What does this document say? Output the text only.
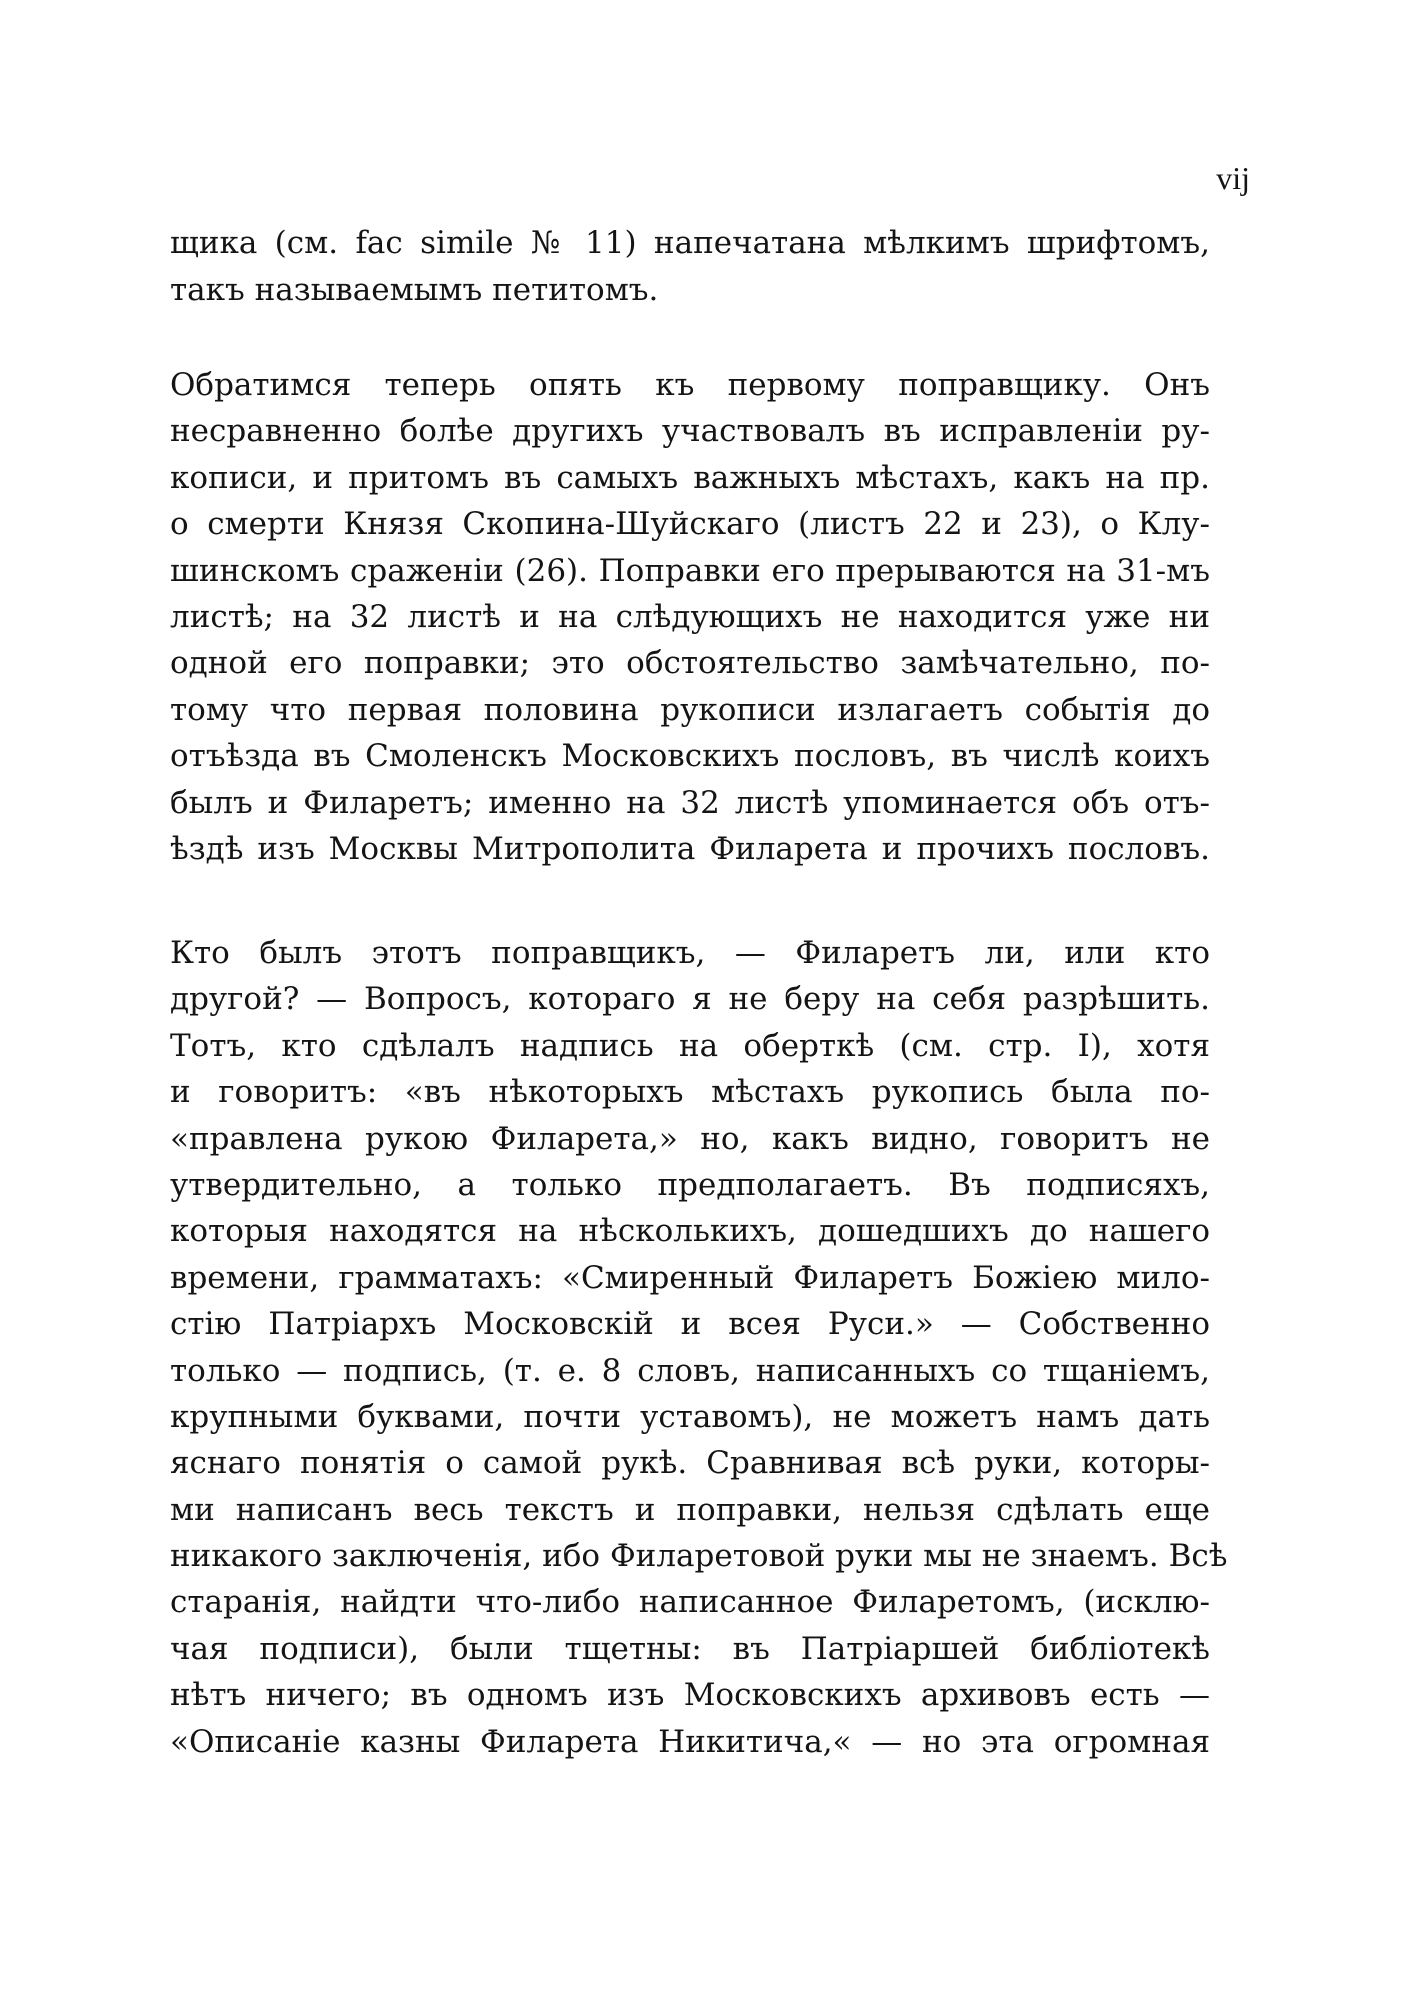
vij
щика (см. fac simile № 11) напечатана мѣлкимъ шрифтомъ,
такъ называемымъ петитомъ.
Обратимся теперь опять къ первому поправщику. Онъ
несравненно болѣе другихъ участвовалъ въ исправленіи ру-
кописи, и притомъ въ самыхъ важныхъ мѣстахъ, какъ на пр.
о смерти Князя Скопина-Шуйскаго (листъ 22 и 23), о Клу-
шинскомъ сраженіи (26). Поправки его прерываются на 31-мъ
листѣ; на 32 листѣ и на слѣдующихъ не находится уже ни
одной его поправки; это обстоятельство замѣчательно, по-
тому что первая половина рукописи излагаетъ событія до
отъѣзда въ Смоленскъ Московскихъ пословъ, въ числѣ коихъ
былъ и Филаретъ; именно на 32 листѣ упоминается объ отъ-
ѣздѣ изъ Москвы Митрополита Филарета и прочихъ пословъ.
Кто былъ этотъ поправщикъ, — Филаретъ ли, или кто
другой? — Вопросъ, котораго я не беру на себя разрѣшить.
Тотъ, кто сдѣлалъ надпись на оберткѣ (см. стр. I), хотя
и говоритъ: «въ нѣкоторыхъ мѣстахъ рукопись была по-
«правлена рукою Филарета,» но, какъ видно, говоритъ не
утвердительно, а только предполагаетъ. Въ подписяхъ,
которыя находятся на нѣсколькихъ, дошедшихъ до нашего
времени, грамматахъ: «Смиренный Филаретъ Божіею мило-
стію Патріархъ Московскій и всея Руси.» — Собственно
только — подпись, (т. е. 8 словъ, написанныхъ со тщаніемъ,
крупными буквами, почти уставомъ), не можетъ намъ дать
яснаго понятія о самой рукѣ. Сравнивая всѣ руки, которы-
ми написанъ весь текстъ и поправки, нельзя сдѣлать еще
никакого заключенія, ибо Филаретовой руки мы не знаемъ. Всѣ
старанія, найдти что-либо написанное Филаретомъ, (исклю-
чая подписи), были тщетны: въ Патріаршей библіотекѣ
нѣтъ ничего; въ одномъ изъ Московскихъ архивовъ есть —
«Описаніе казны Филарета Никитича,« — но эта огромная
